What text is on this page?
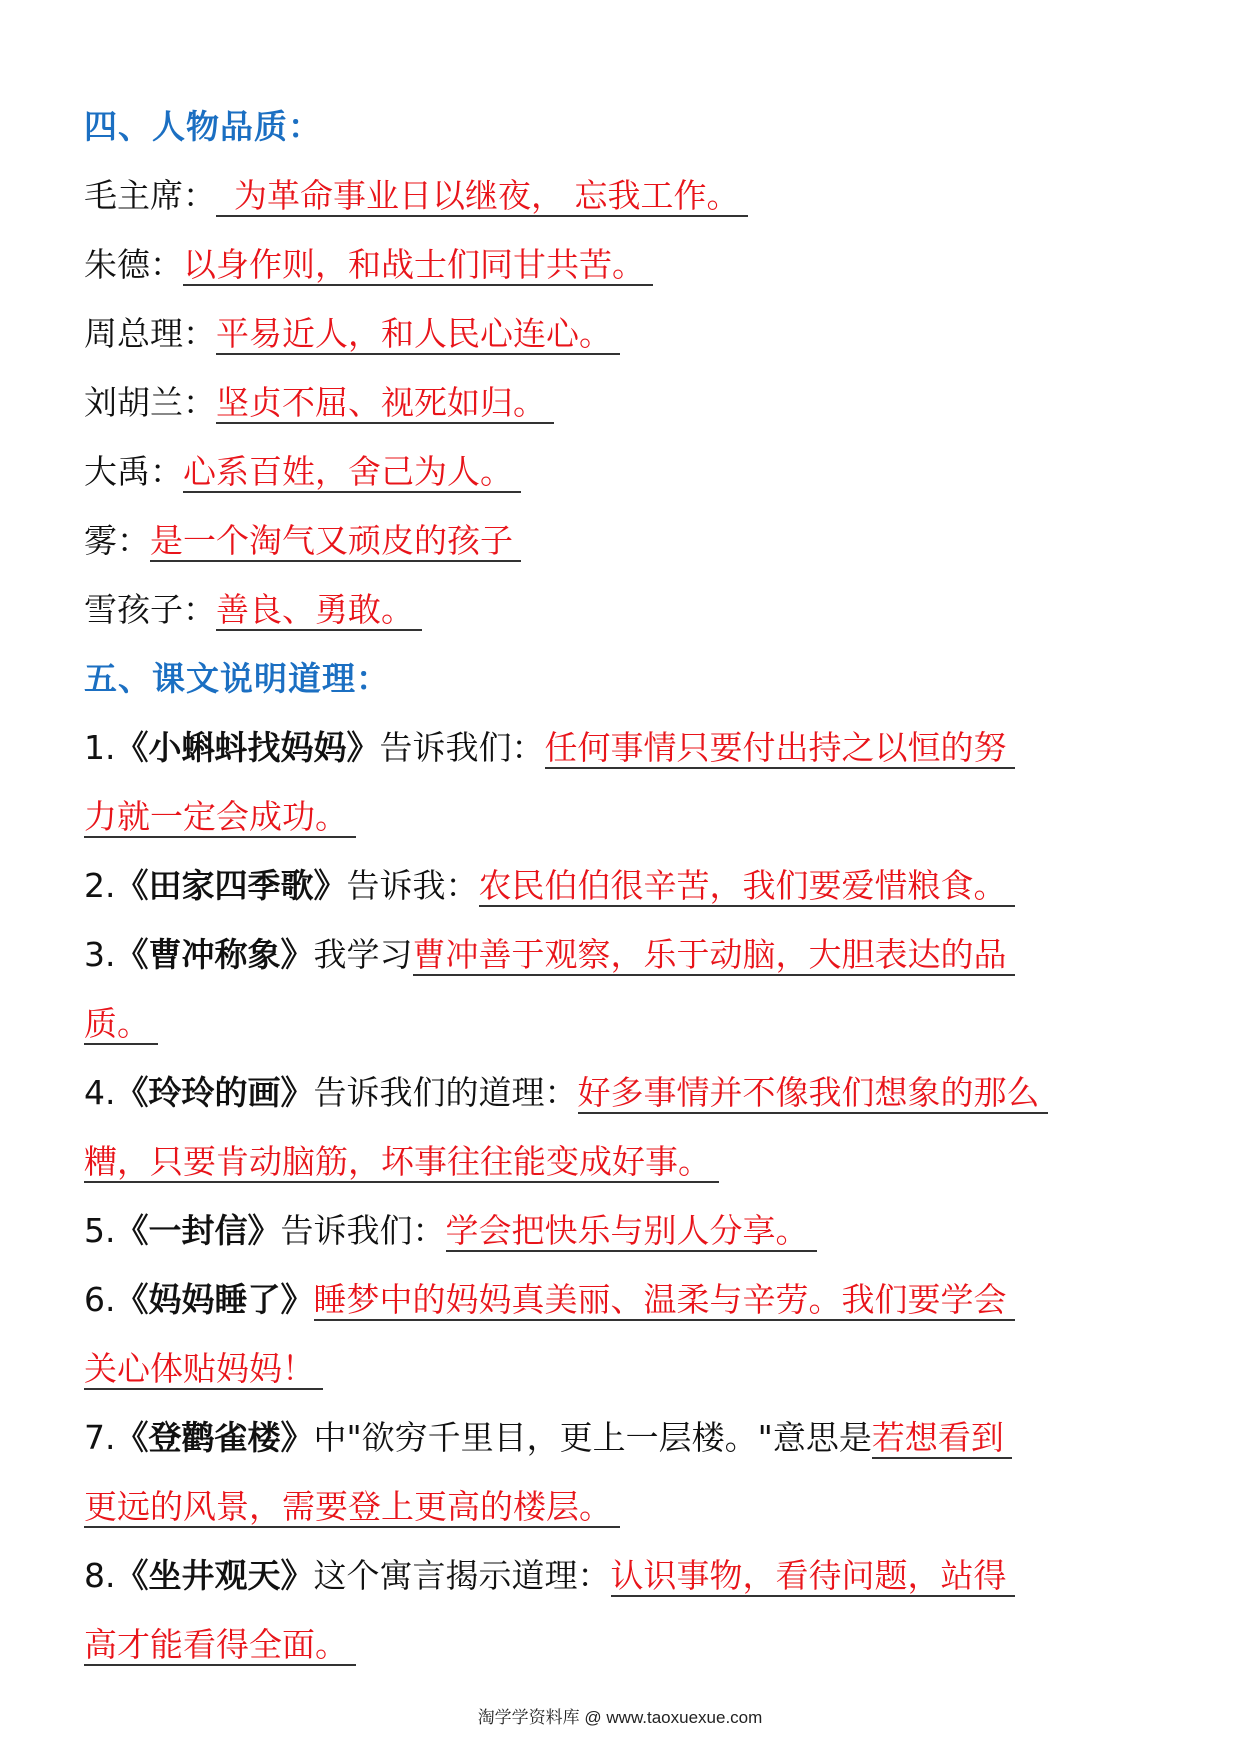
四、人物品质：
毛主席： 为革命事业日以继夜， 忘我工作。
朱德：以身作则，和战士们同甘共苦。
周总理：平易近人，和人民心连心。
刘胡兰：坚贞不屈、视死如归。
大禹：心系百姓，舍己为人。
雾：是一个淘气又顽皮的孩子
雪孩子：善良、勇敢。
五、课文说明道理：
1.《小蝌蚪找妈妈》告诉我们：任何事情只要付出持之以恒的努
力就一定会成功。
2.《田家四季歌》告诉我：农民伯伯很辛苦，我们要爱惜粮食。
3.《曹冲称象》我学习曹冲善于观察，乐于动脑，大胆表达的品
质。
4.《玲玲的画》告诉我们的道理：好多事情并不像我们想象的那么
糟，只要肯动脑筋，坏事往往能变成好事。
5.《一封信》告诉我们：学会把快乐与别人分享。
6.《妈妈睡了》睡梦中的妈妈真美丽、温柔与辛劳。我们要学会
关心体贴妈妈！
7.《登鹳雀楼》中"欲穷千里目，更上一层楼。"意思是若想看到
更远的风景，需要登上更高的楼层。
8.《坐井观天》这个寓言揭示道理：认识事物，看待问题，站得
高才能看得全面。
淘学学资料库 @ www.taoxuexue.com
